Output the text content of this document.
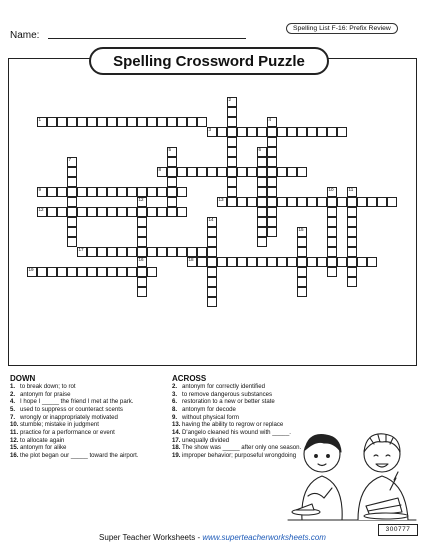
Name:
Spelling List F-16: Prefix Review
Spelling Crossword Puzzle
1
3
8
9
13
12
17
18
19
2
4
5	6
7
10	11
12
14
15
16
DOWN
1. to break down; to rot
2. antonym for praise
4. I hope I _____ the friend I met at the park.
5. used to suppress or counteract scents
7. wrongly or inappropriately motivated
10. stumble; mistake in judgment
11. practice for a performance or event
12. to allocate again
15. antonym for alike
16. the plot began our _____ toward the airport.
ACROSS
2. antonym for correctly identified
3. to remove dangerous substances
6. restoration to a new or better state
8. antonym for decode
9. without physical form
13. having the ability to regrow or replace
14. D'angelo cleaned his wound with _____.
17. unequally divided
18. The show was _____ after only one season.
19. improper behavior; purposeful wrongdoing
300777
Super Teacher Worksheets - www.superteacherworksheets.com
